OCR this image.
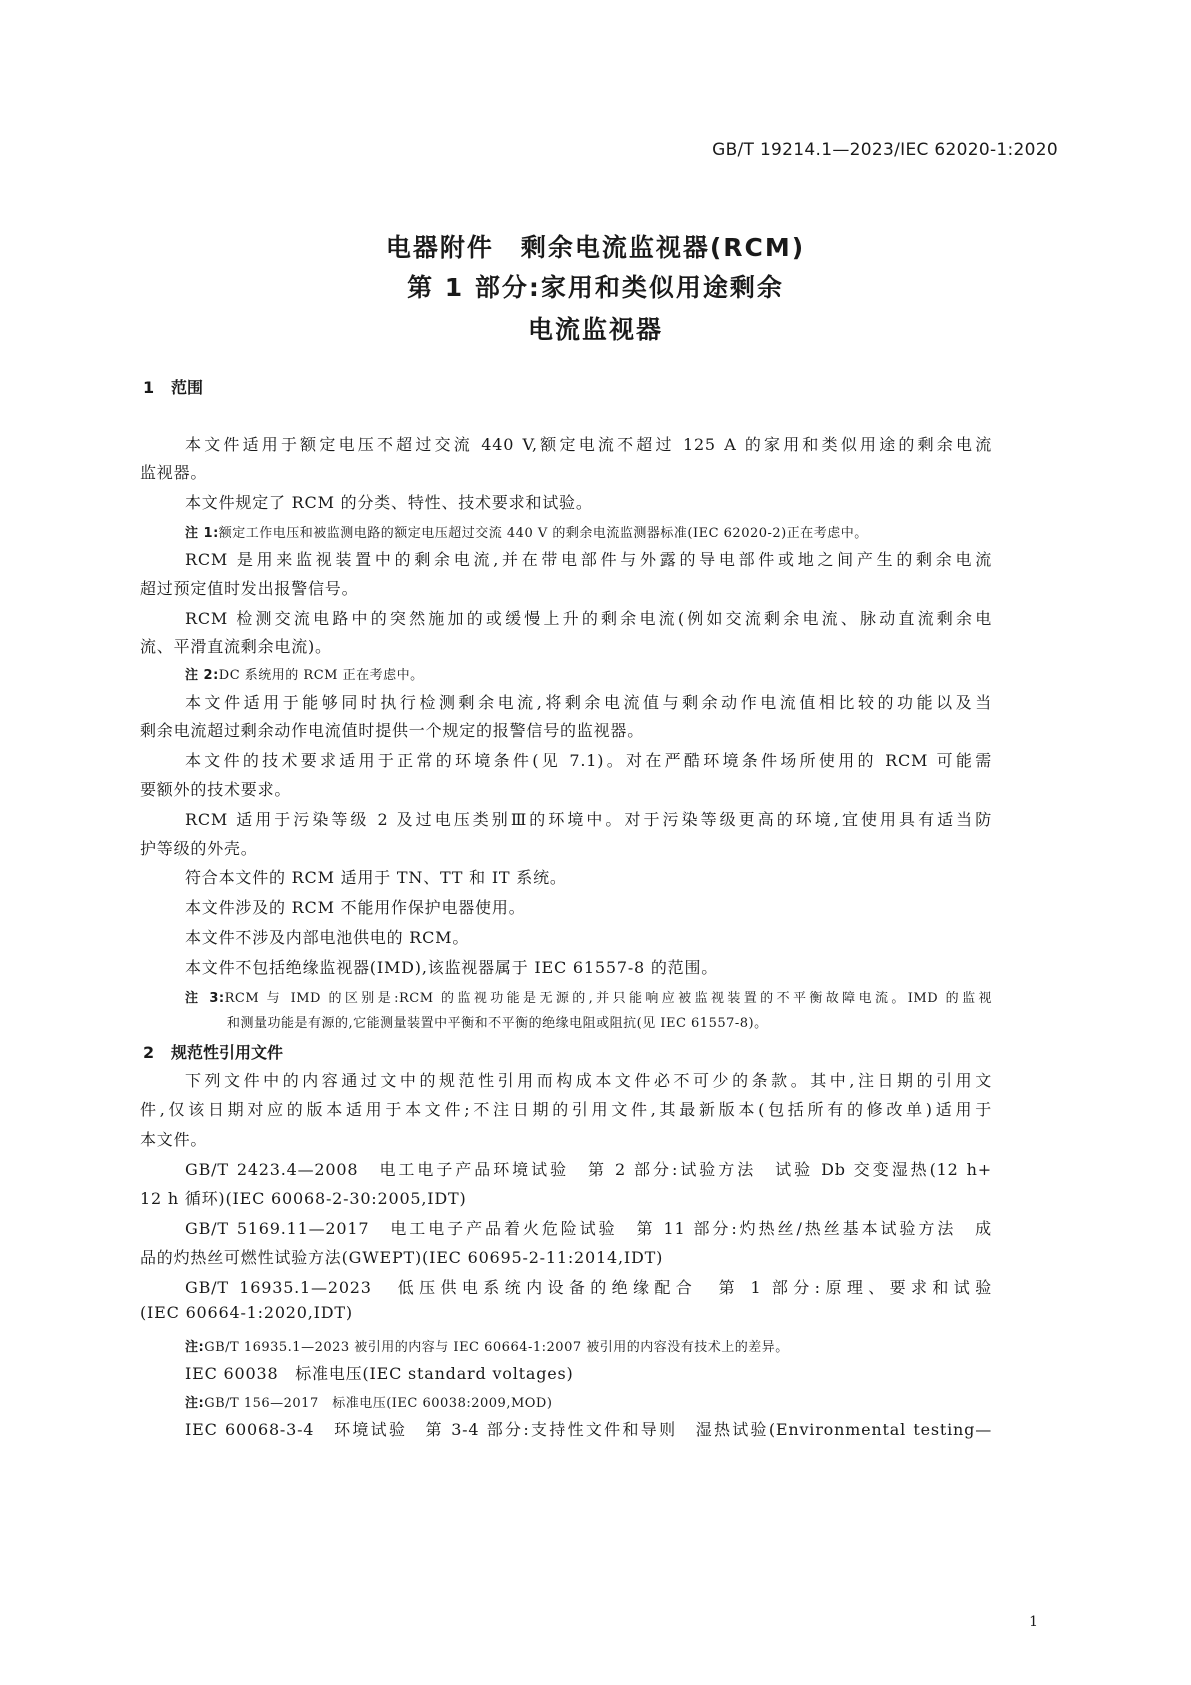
GB/T 19214.1—2023/IEC 62020-1:2020
电器附件　剩余电流监视器(RCM)
第 1 部分:家用和类似用途剩余
电流监视器
1 范围
本文件适用于额定电压不超过交流 440 V,额定电流不超过 125 A 的家用和类似用途的剩余电流
监视器。
本文件规定了 RCM 的分类、特性、技术要求和试验。
注 1:额定工作电压和被监测电路的额定电压超过交流 440 V 的剩余电流监测器标准(IEC 62020-2)正在考虑中。
RCM 是用来监视装置中的剩余电流,并在带电部件与外露的导电部件或地之间产生的剩余电流
超过预定值时发出报警信号。
RCM 检测交流电路中的突然施加的或缓慢上升的剩余电流(例如交流剩余电流、脉动直流剩余电
流、平滑直流剩余电流)。
注 2:DC 系统用的 RCM 正在考虑中。
本文件适用于能够同时执行检测剩余电流,将剩余电流值与剩余动作电流值相比较的功能以及当
剩余电流超过剩余动作电流值时提供一个规定的报警信号的监视器。
本文件的技术要求适用于正常的环境条件(见 7.1)。对在严酷环境条件场所使用的 RCM 可能需
要额外的技术要求。
RCM 适用于污染等级 2 及过电压类别Ⅲ的环境中。对于污染等级更高的环境,宜使用具有适当防
护等级的外壳。
符合本文件的 RCM 适用于 TN、TT 和 IT 系统。
本文件涉及的 RCM 不能用作保护电器使用。
本文件不涉及内部电池供电的 RCM。
本文件不包括绝缘监视器(IMD),该监视器属于 IEC 61557-8 的范围。
注 3:RCM 与 IMD 的区别是:RCM 的监视功能是无源的,并只能响应被监视装置的不平衡故障电流。IMD 的监视
和测量功能是有源的,它能测量装置中平衡和不平衡的绝缘电阻或阻抗(见 IEC 61557-8)。
2 规范性引用文件
下列文件中的内容通过文中的规范性引用而构成本文件必不可少的条款。其中,注日期的引用文
件,仅该日期对应的版本适用于本文件;不注日期的引用文件,其最新版本(包括所有的修改单)适用于
本文件。
GB/T 2423.4—2008　电工电子产品环境试验　第 2 部分:试验方法　试验 Db 交变湿热(12 h+
12 h 循环)(IEC 60068-2-30:2005,IDT)
GB/T 5169.11—2017　电工电子产品着火危险试验　第 11 部分:灼热丝/热丝基本试验方法　成
品的灼热丝可燃性试验方法(GWEPT)(IEC 60695-2-11:2014,IDT)
GB/T 16935.1—2023　低压供电系统内设备的绝缘配合　第 1 部分:原理、要求和试验
(IEC 60664-1:2020,IDT)
注:GB/T 16935.1—2023 被引用的内容与 IEC 60664-1:2007 被引用的内容没有技术上的差异。
IEC 60038　标准电压(IEC standard voltages)
注:GB/T 156—2017　标准电压(IEC 60038:2009,MOD)
IEC 60068-3-4　环境试验　第 3-4 部分:支持性文件和导则　湿热试验(Environmental testing—
1
